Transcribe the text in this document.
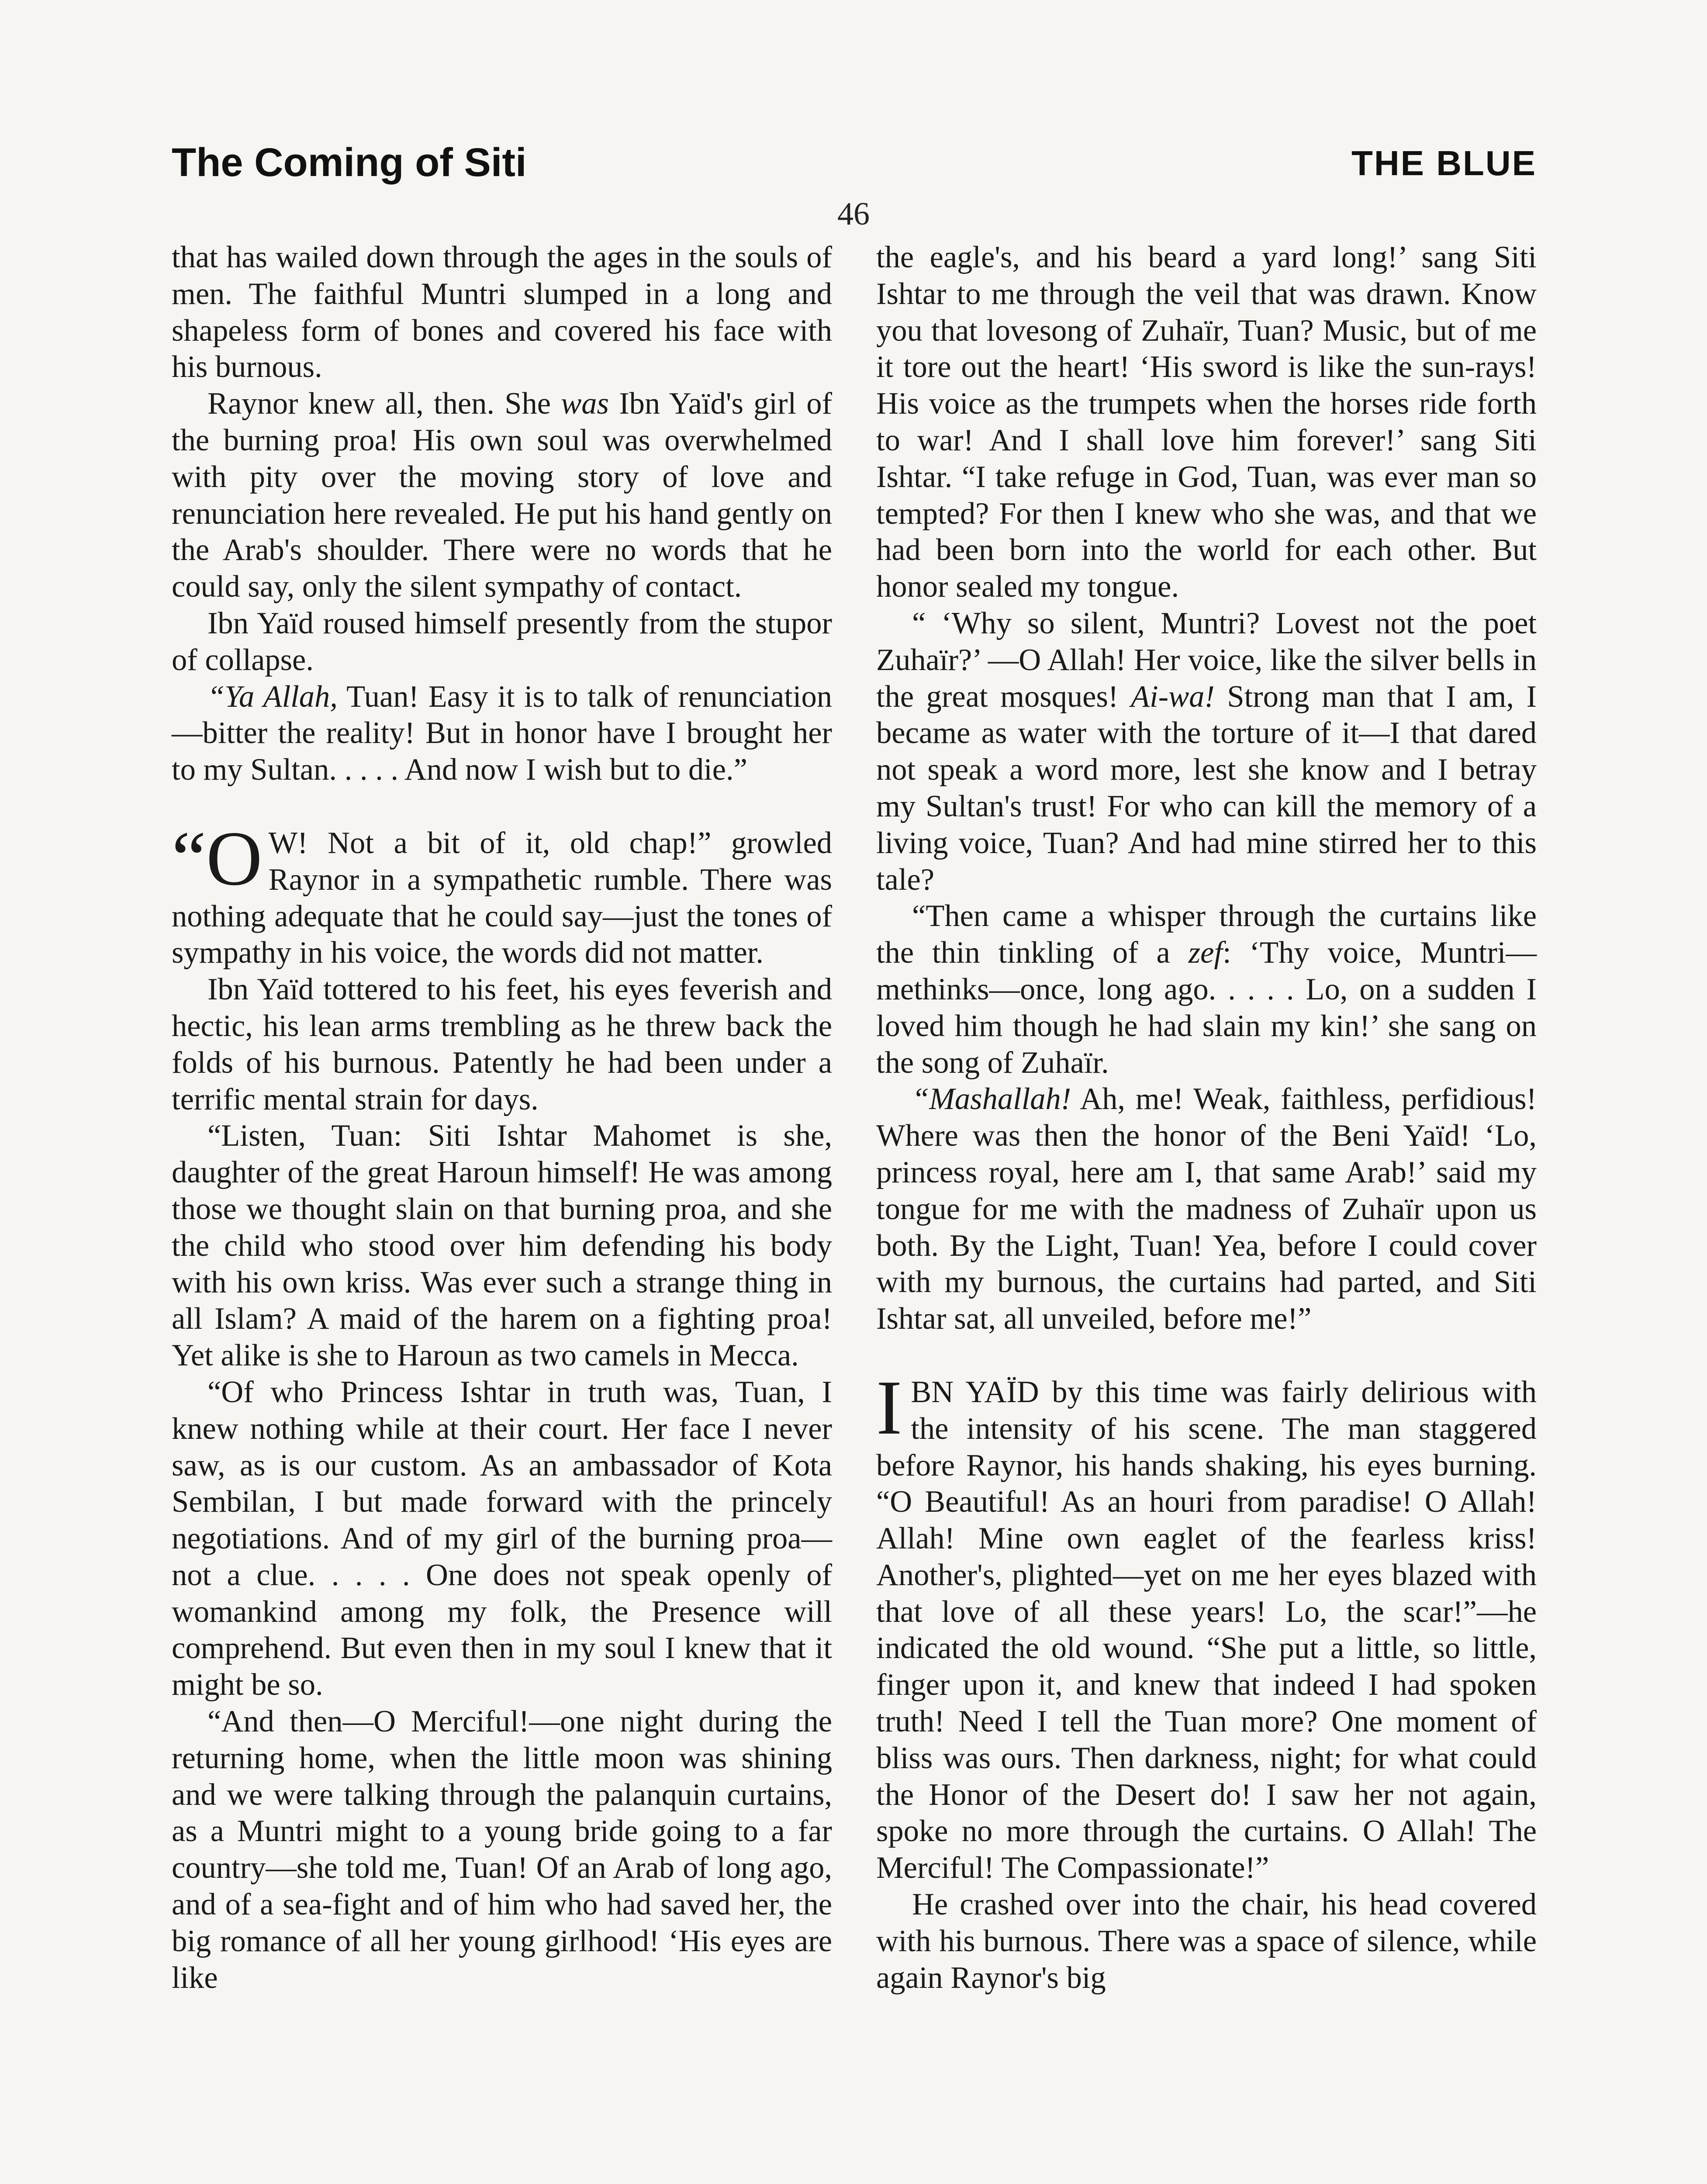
The Coming of Siti	THE BLUE
46

that has wailed down through the ages in the souls of men. The faithful Muntri slumped in a long and shapeless form of bones and covered his face with his burnous.

Raynor knew all, then. She was Ibn Yaïd's girl of the burning proa! His own soul was overwhelmed with pity over the moving story of love and renunciation here revealed. He put his hand gently on the Arab's shoulder. There were no words that he could say, only the silent sympathy of contact.

Ibn Yaïd roused himself presently from the stupor of collapse.

“Ya Allah, Tuan! Easy it is to talk of renunciation—bitter the reality! But in honor have I brought her to my Sultan. . . . . And now I wish but to die.”

“O W! Not a bit of it, old chap!” growled Raynor in a sympathetic rumble. There was nothing adequate that he could say—just the tones of sympathy in his voice, the words did not matter.

Ibn Yaïd tottered to his feet, his eyes feverish and hectic, his lean arms trembling as he threw back the folds of his burnous. Patently he had been under a terrific mental strain for days.

“Listen, Tuan: Siti Ishtar Mahomet is she, daughter of the great Haroun himself! He was among those we thought slain on that burning proa, and she the child who stood over him defending his body with his own kriss. Was ever such a strange thing in all Islam? A maid of the harem on a fighting proa! Yet alike is she to Haroun as two camels in Mecca.

“Of who Princess Ishtar in truth was, Tuan, I knew nothing while at their court. Her face I never saw, as is our custom. As an ambassador of Kota Sembilan, I but made forward with the princely negotiations. And of my girl of the burning proa—not a clue. . . . . One does not speak openly of womankind among my folk, the Presence will comprehend. But even then in my soul I knew that it might be so.

“And then—O Merciful!—one night during the returning home, when the little moon was shining and we were talking through the palanquin curtains, as a Muntri might to a young bride going to a far country—she told me, Tuan! Of an Arab of long ago, and of a sea-fight and of him who had saved her, the big romance of all her young girlhood! ‘His eyes are like

the eagle's, and his beard a yard long!’ sang Siti Ishtar to me through the veil that was drawn. Know you that lovesong of Zuhaïr, Tuan? Music, but of me it tore out the heart! ‘His sword is like the sun-rays! His voice as the trumpets when the horses ride forth to war! And I shall love him forever!’ sang Siti Ishtar. “I take refuge in God, Tuan, was ever man so tempted? For then I knew who she was, and that we had been born into the world for each other. But honor sealed my tongue.

“ ‘Why so silent, Muntri? Lovest not the poet Zuhaïr?’ —O Allah! Her voice, like the silver bells in the great mosques! Ai-wa! Strong man that I am, I became as water with the torture of it—I that dared not speak a word more, lest she know and I betray my Sultan's trust! For who can kill the memory of a living voice, Tuan? And had mine stirred her to this tale?

“Then came a whisper through the curtains like the thin tinkling of a zef: ‘Thy voice, Muntri—methinks—once, long ago. . . . . Lo, on a sudden I loved him though he had slain my kin!’ she sang on the song of Zuhaïr.

“Mashallah! Ah, me! Weak, faithless, perfidious! Where was then the honor of the Beni Yaïd! ‘Lo, princess royal, here am I, that same Arab!’ said my tongue for me with the madness of Zuhaïr upon us both. By the Light, Tuan! Yea, before I could cover with my burnous, the curtains had parted, and Siti Ishtar sat, all unveiled, before me!”

IBN YAÏD by this time was fairly delirious with the intensity of his scene. The man staggered before Raynor, his hands shaking, his eyes burning. “O Beautiful! As an houri from paradise! O Allah! Allah! Mine own eaglet of the fearless kriss! Another's, plighted—yet on me her eyes blazed with that love of all these years! Lo, the scar!”—he indicated the old wound. “She put a little, so little, finger upon it, and knew that indeed I had spoken truth! Need I tell the Tuan more? One moment of bliss was ours. Then darkness, night; for what could the Honor of the Desert do! I saw her not again, spoke no more through the curtains. O Allah! The Merciful! The Compassionate!”

He crashed over into the chair, his head covered with his burnous. There was a space of silence, while again Raynor's big
